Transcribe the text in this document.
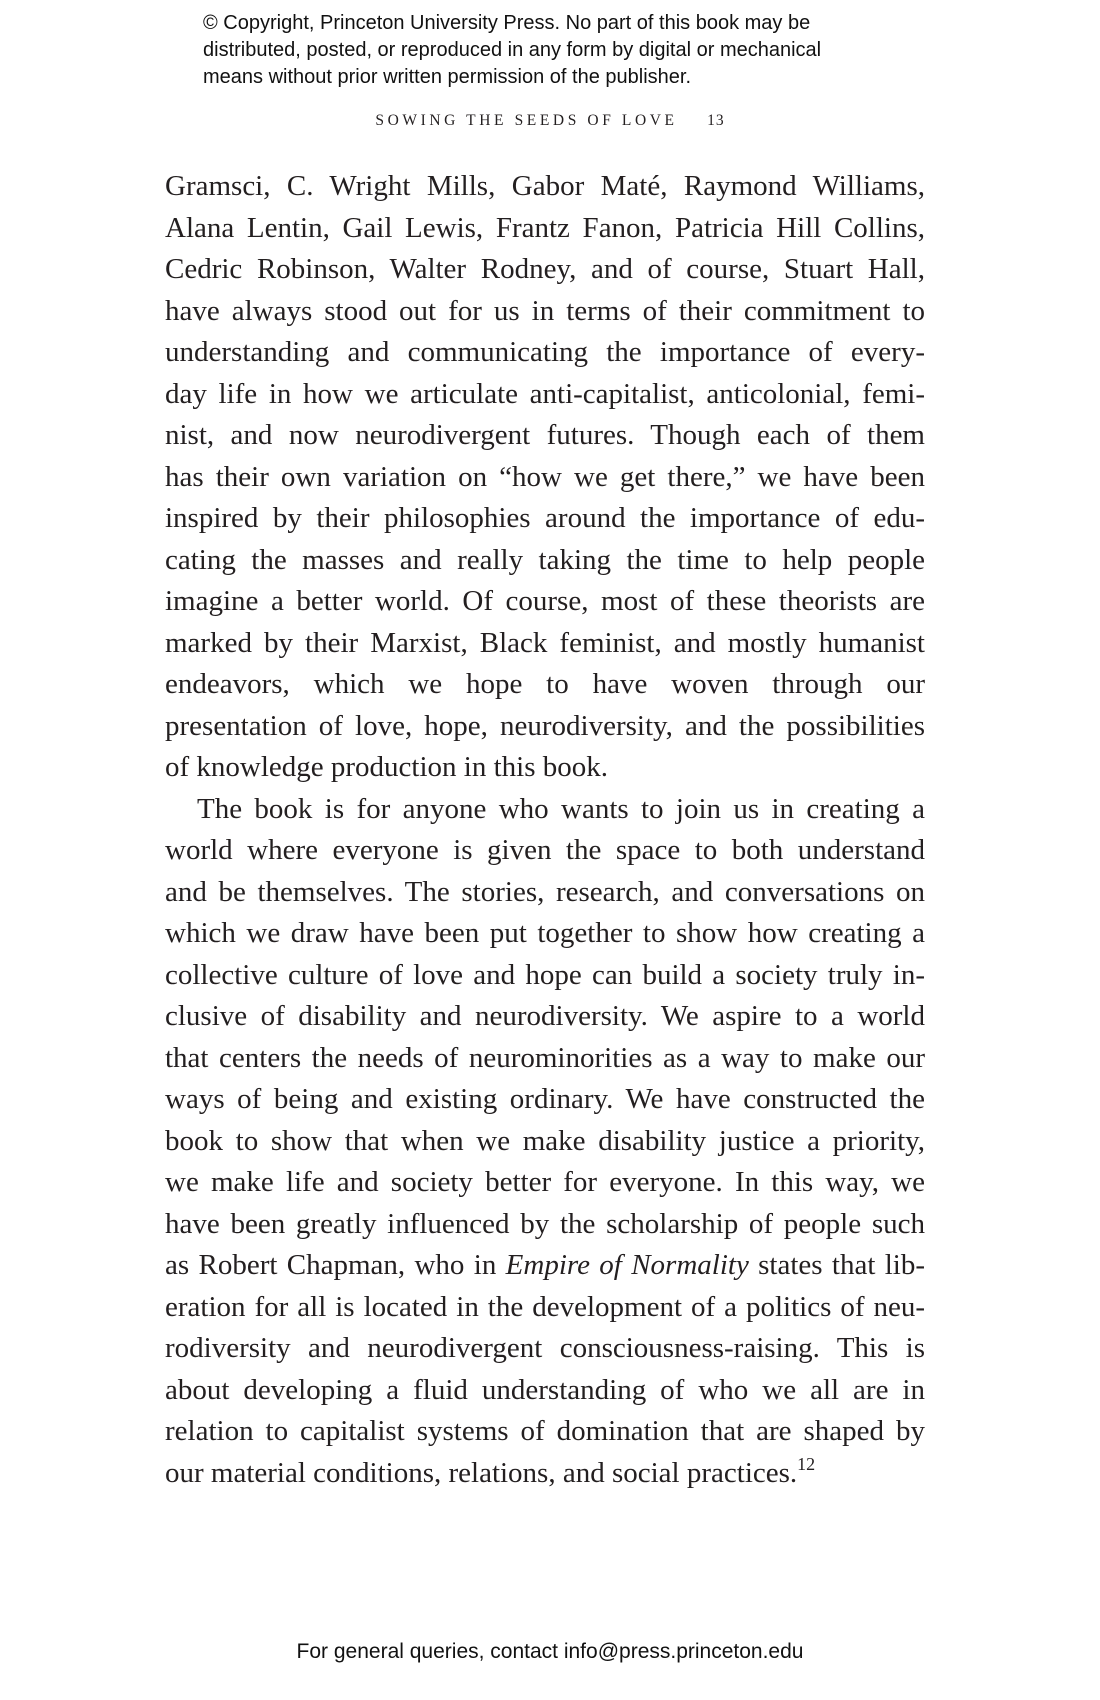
© Copyright, Princeton University Press. No part of this book may be
distributed, posted, or reproduced in any form by digital or mechanical
means without prior written permission of the publisher.
SOWING THE SEEDS OF LOVE 13
Gramsci, C. Wright Mills, Gabor Maté, Raymond Williams,
Alana Lentin, Gail Lewis, Frantz Fanon, Patricia Hill Collins,
Cedric Robinson, Walter Rodney, and of course, Stuart Hall,
have always stood out for us in terms of their commitment to
understanding and communicating the importance of every-
day life in how we articulate anti-capitalist, anticolonial, femi-
nist, and now neurodivergent futures. Though each of them
has their own variation on “how we get there,” we have been
inspired by their philosophies around the importance of edu-
cating the masses and really taking the time to help people
imagine a better world. Of course, most of these theorists are
marked by their Marxist, Black feminist, and mostly humanist
endeavors, which we hope to have woven through our
presentation of love, hope, neurodiversity, and the possibilities
of knowledge production in this book.
The book is for anyone who wants to join us in creating a
world where everyone is given the space to both understand
and be themselves. The stories, research, and conversations on
which we draw have been put together to show how creating a
collective culture of love and hope can build a society truly in-
clusive of disability and neurodiversity. We aspire to a world
that centers the needs of neurominorities as a way to make our
ways of being and existing ordinary. We have constructed the
book to show that when we make disability justice a priority,
we make life and society better for everyone. In this way, we
have been greatly influenced by the scholarship of people such
as Robert Chapman, who in Empire of Normality states that lib-
eration for all is located in the development of a politics of neu-
rodiversity and neurodivergent consciousness-raising. This is
about developing a fluid understanding of who we all are in
relation to capitalist systems of domination that are shaped by
our material conditions, relations, and social practices.$^{12}$
For general queries, contact info@press.princeton.edu
